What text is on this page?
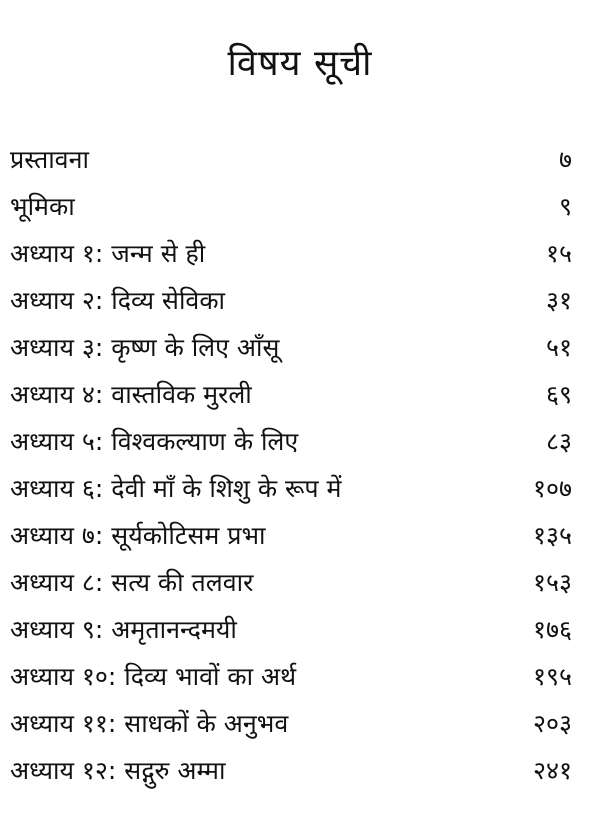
विषय सूची
प्रस्तावना	७
भूमिका	९
अध्याय १: जन्म से ही	१५
अध्याय २: दिव्य सेविका	३१
अध्याय ३: कृष्ण के लिए आँसू	५१
अध्याय ४: वास्तविक मुरली	६९
अध्याय ५: विश्वकल्याण के लिए	८३
अध्याय ६: देवी माँ के शिशु के रूप में	१०७
अध्याय ७: सूर्यकोटिसम प्रभा	१३५
अध्याय ८: सत्य की तलवार	१५३
अध्याय ९: अमृतानन्दमयी	१७६
अध्याय १०: दिव्य भावों का अर्थ	१९५
अध्याय ११: साधकों के अनुभव	२०३
अध्याय १२: सद्गुरु अम्मा	२४१
